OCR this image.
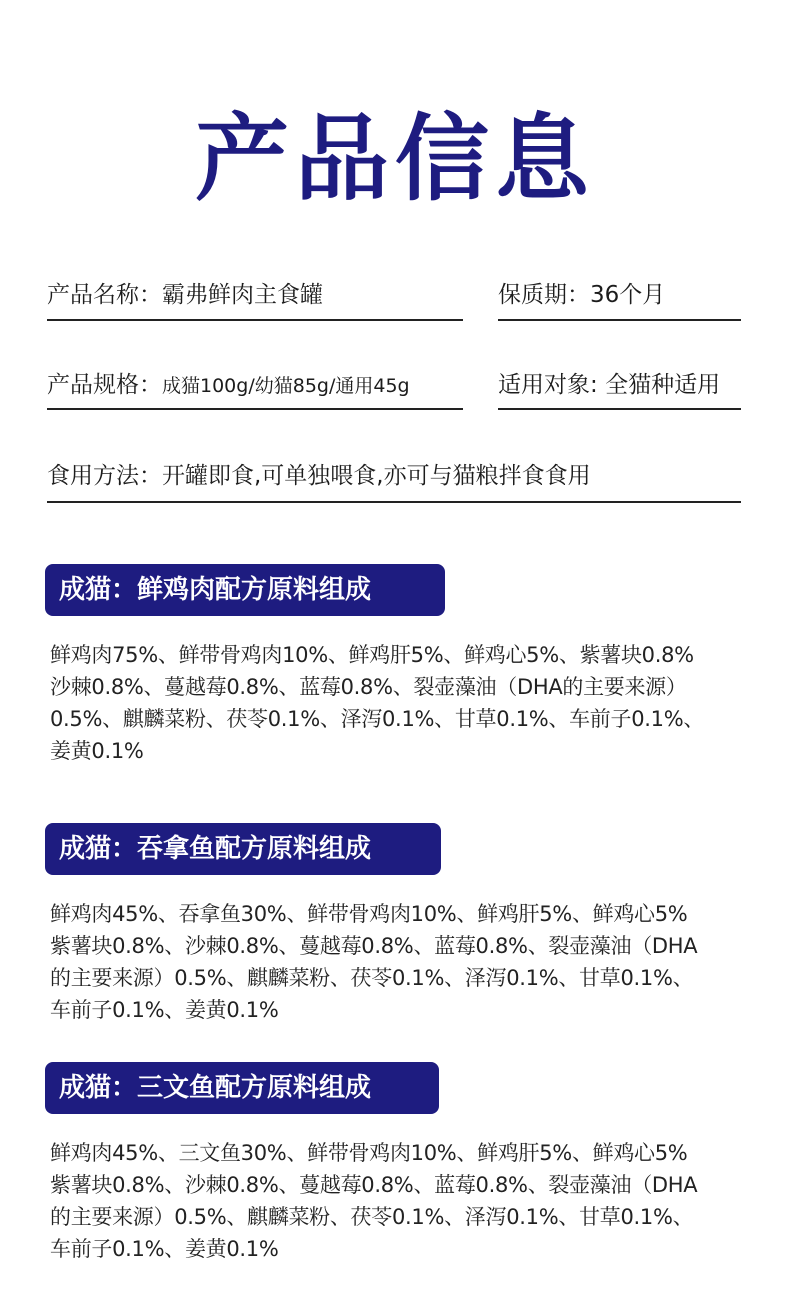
产品信息
产品名称：霸弗鲜肉主食罐	保质期：36个月
产品规格：成猫100g/幼猫85g/通用45g	适用对象: 全猫种适用
食用方法：开罐即食,可单独喂食,亦可与猫粮拌食食用
成猫：鲜鸡肉配方原料组成
鲜鸡肉75%、鲜带骨鸡肉10%、鲜鸡肝5%、鲜鸡心5%、紫薯块0.8%
沙棘0.8%、蔓越莓0.8%、蓝莓0.8%、裂壶藻油（DHA的主要来源）
0.5%、麒麟菜粉、茯苓0.1%、泽泻0.1%、甘草0.1%、车前子0.1%、
姜黄0.1%
成猫：吞拿鱼配方原料组成
鲜鸡肉45%、吞拿鱼30%、鲜带骨鸡肉10%、鲜鸡肝5%、鲜鸡心5%
紫薯块0.8%、沙棘0.8%、蔓越莓0.8%、蓝莓0.8%、裂壶藻油（DHA
的主要来源）0.5%、麒麟菜粉、茯苓0.1%、泽泻0.1%、甘草0.1%、
车前子0.1%、姜黄0.1%
成猫：三文鱼配方原料组成
鲜鸡肉45%、三文鱼30%、鲜带骨鸡肉10%、鲜鸡肝5%、鲜鸡心5%
紫薯块0.8%、沙棘0.8%、蔓越莓0.8%、蓝莓0.8%、裂壶藻油（DHA
的主要来源）0.5%、麒麟菜粉、茯苓0.1%、泽泻0.1%、甘草0.1%、
车前子0.1%、姜黄0.1%
